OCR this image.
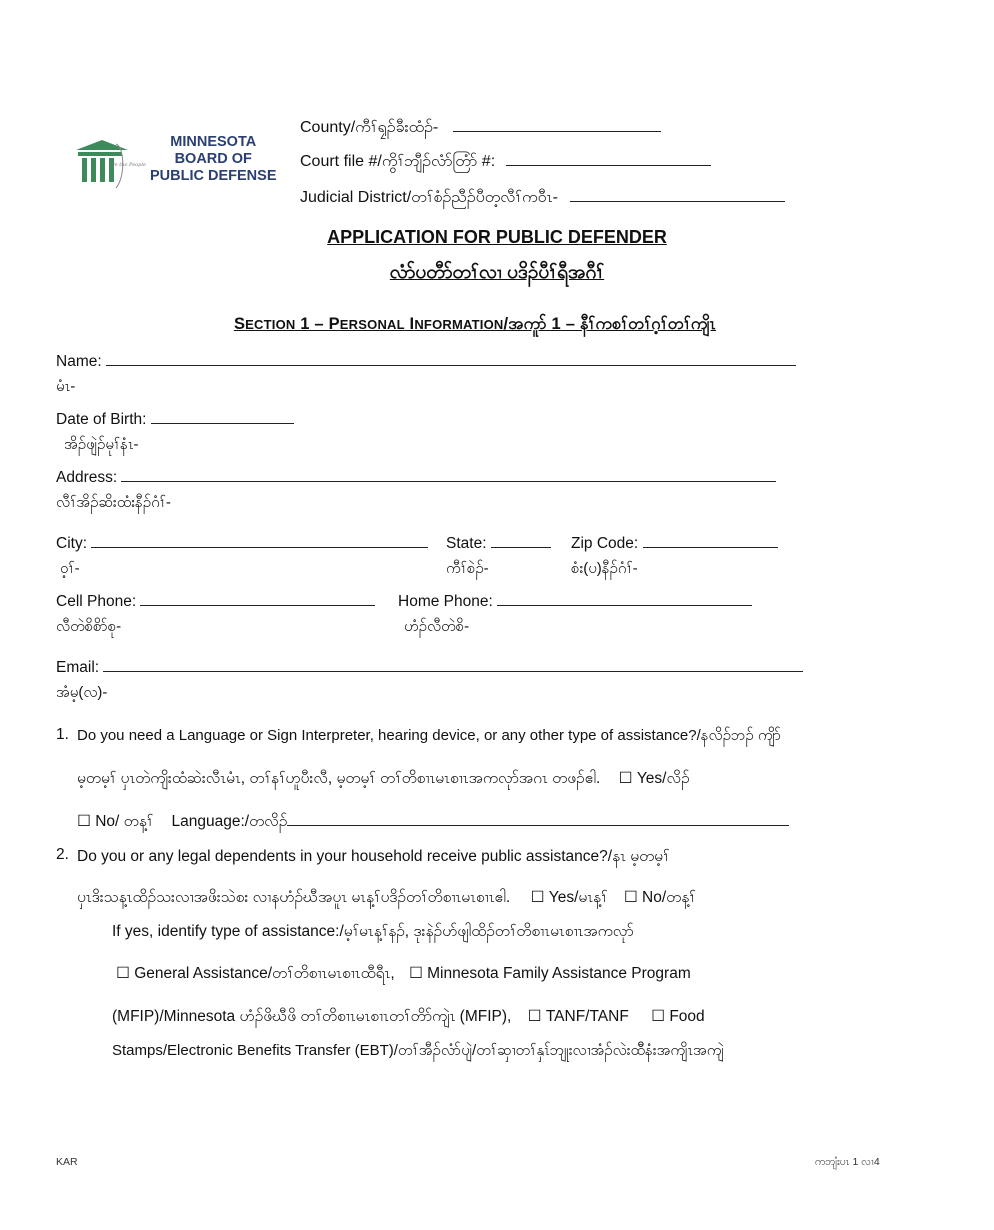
We the People
MINNESOTA
BOARD OF
PUBLIC DEFENSE
County/ကီၢ်ရၠၣ်ခီးထံၣ်-
Court file #/ကွိၢ်ဘျီၣ်လံာ်တြံာ် #:
Judicial District/တၢ်စံၣ်ညီၣ်ပီတ့လီၢ်ကဝီၤ-
APPLICATION FOR PUBLIC DEFENDER
လံာ်ပတီာ်တၢ်လၢ ပဒိၣ်ပီၢ်ရီအဂီၢ်
SECTION 1 – PERSONAL INFORMATION/အကူာ် 1 – နီၢ်ကစၢ်တၢ်ဂ့ၢ်တၢ်ကျိၤ
Name:
မံၤ-
Date of Birth:
အိၣ်ဖျဲၣ်မုၢ်နံၤ-
Address:
လီၢ်အိၣ်ဆိးထံးနီၣ်ဂံၢ်-
City:
ဝ့ၢ်-
State:
ကီၢ်စဲၣ်-
Zip Code:
စံး(ပ)နီၣ်ဂံၢ်-
Cell Phone:
လီတဲစိစိာ်စု-
Home Phone:
ဟံၣ်လီတဲစိ-
Email:
အံမ့(လ)-
1. Do you need a Language or Sign Interpreter, hearing device, or any other type of assistance?/နလိၣ်ဘၣ် ကျိာ်
မ့တမ့ၢ် ပှၤတဲကျိးထံဆဲးလီၤမံၤ, တၢ်နၢ်ဟူပီးလီ, မ့တမ့ၢ် တၢ်တိစၢၤမၤစၢၤအကလုာ်အဂၤ တဖၣ်ဧါ. ☐ Yes/လိၣ်
☐ No/ တန့ၢ် Language:/တလိၣ်
2. Do you or any legal dependents in your household receive public assistance?/နၤ မ့တမ့ၢ်
ပှၤဒိးသန့ၤထိၣ်သးလၢအဖိးသဲစး လၢနဟံၣ်ဃီအပူၤ မၤန့ၢ်ပဒိၣ်တၢ်တိစၢၤမၤစၢၤဧါ. ☐ Yes/မၤန့ၢ် ☐ No/တန့ၢ်
If yes, identify type of assistance:/မ့ၢ်မၤန့ၢ်နၣ်, ဒုးနဲၣ်ဟ်ဖျါထိၣ်တၢ်တိစၢၤမၤစၢၤအကလုာ်
☐ General Assistance/တၢ်တိစၢၤမၤစၢၤထီရီၤ, ☐ Minnesota Family Assistance Program
(MFIP)/Minnesota ဟံၣ်ဖိဃီဖိ တၢ်တိစၢၤမၤစၢၤတၢ်တိာ်ကျဲၤ (MFIP), ☐ TANF/TANF ☐ Food
Stamps/Electronic Benefits Transfer (EBT)/တၢ်အီၣ်လံာ်ပျဲ/တၢ်ဆှၢတၢ်နှၤ်ဘျုးလၢအံၣ်လဲးထိီနံးအကျိၤအကျဲ
KAR	ကဘျံးပၤ 1 လၢ4
